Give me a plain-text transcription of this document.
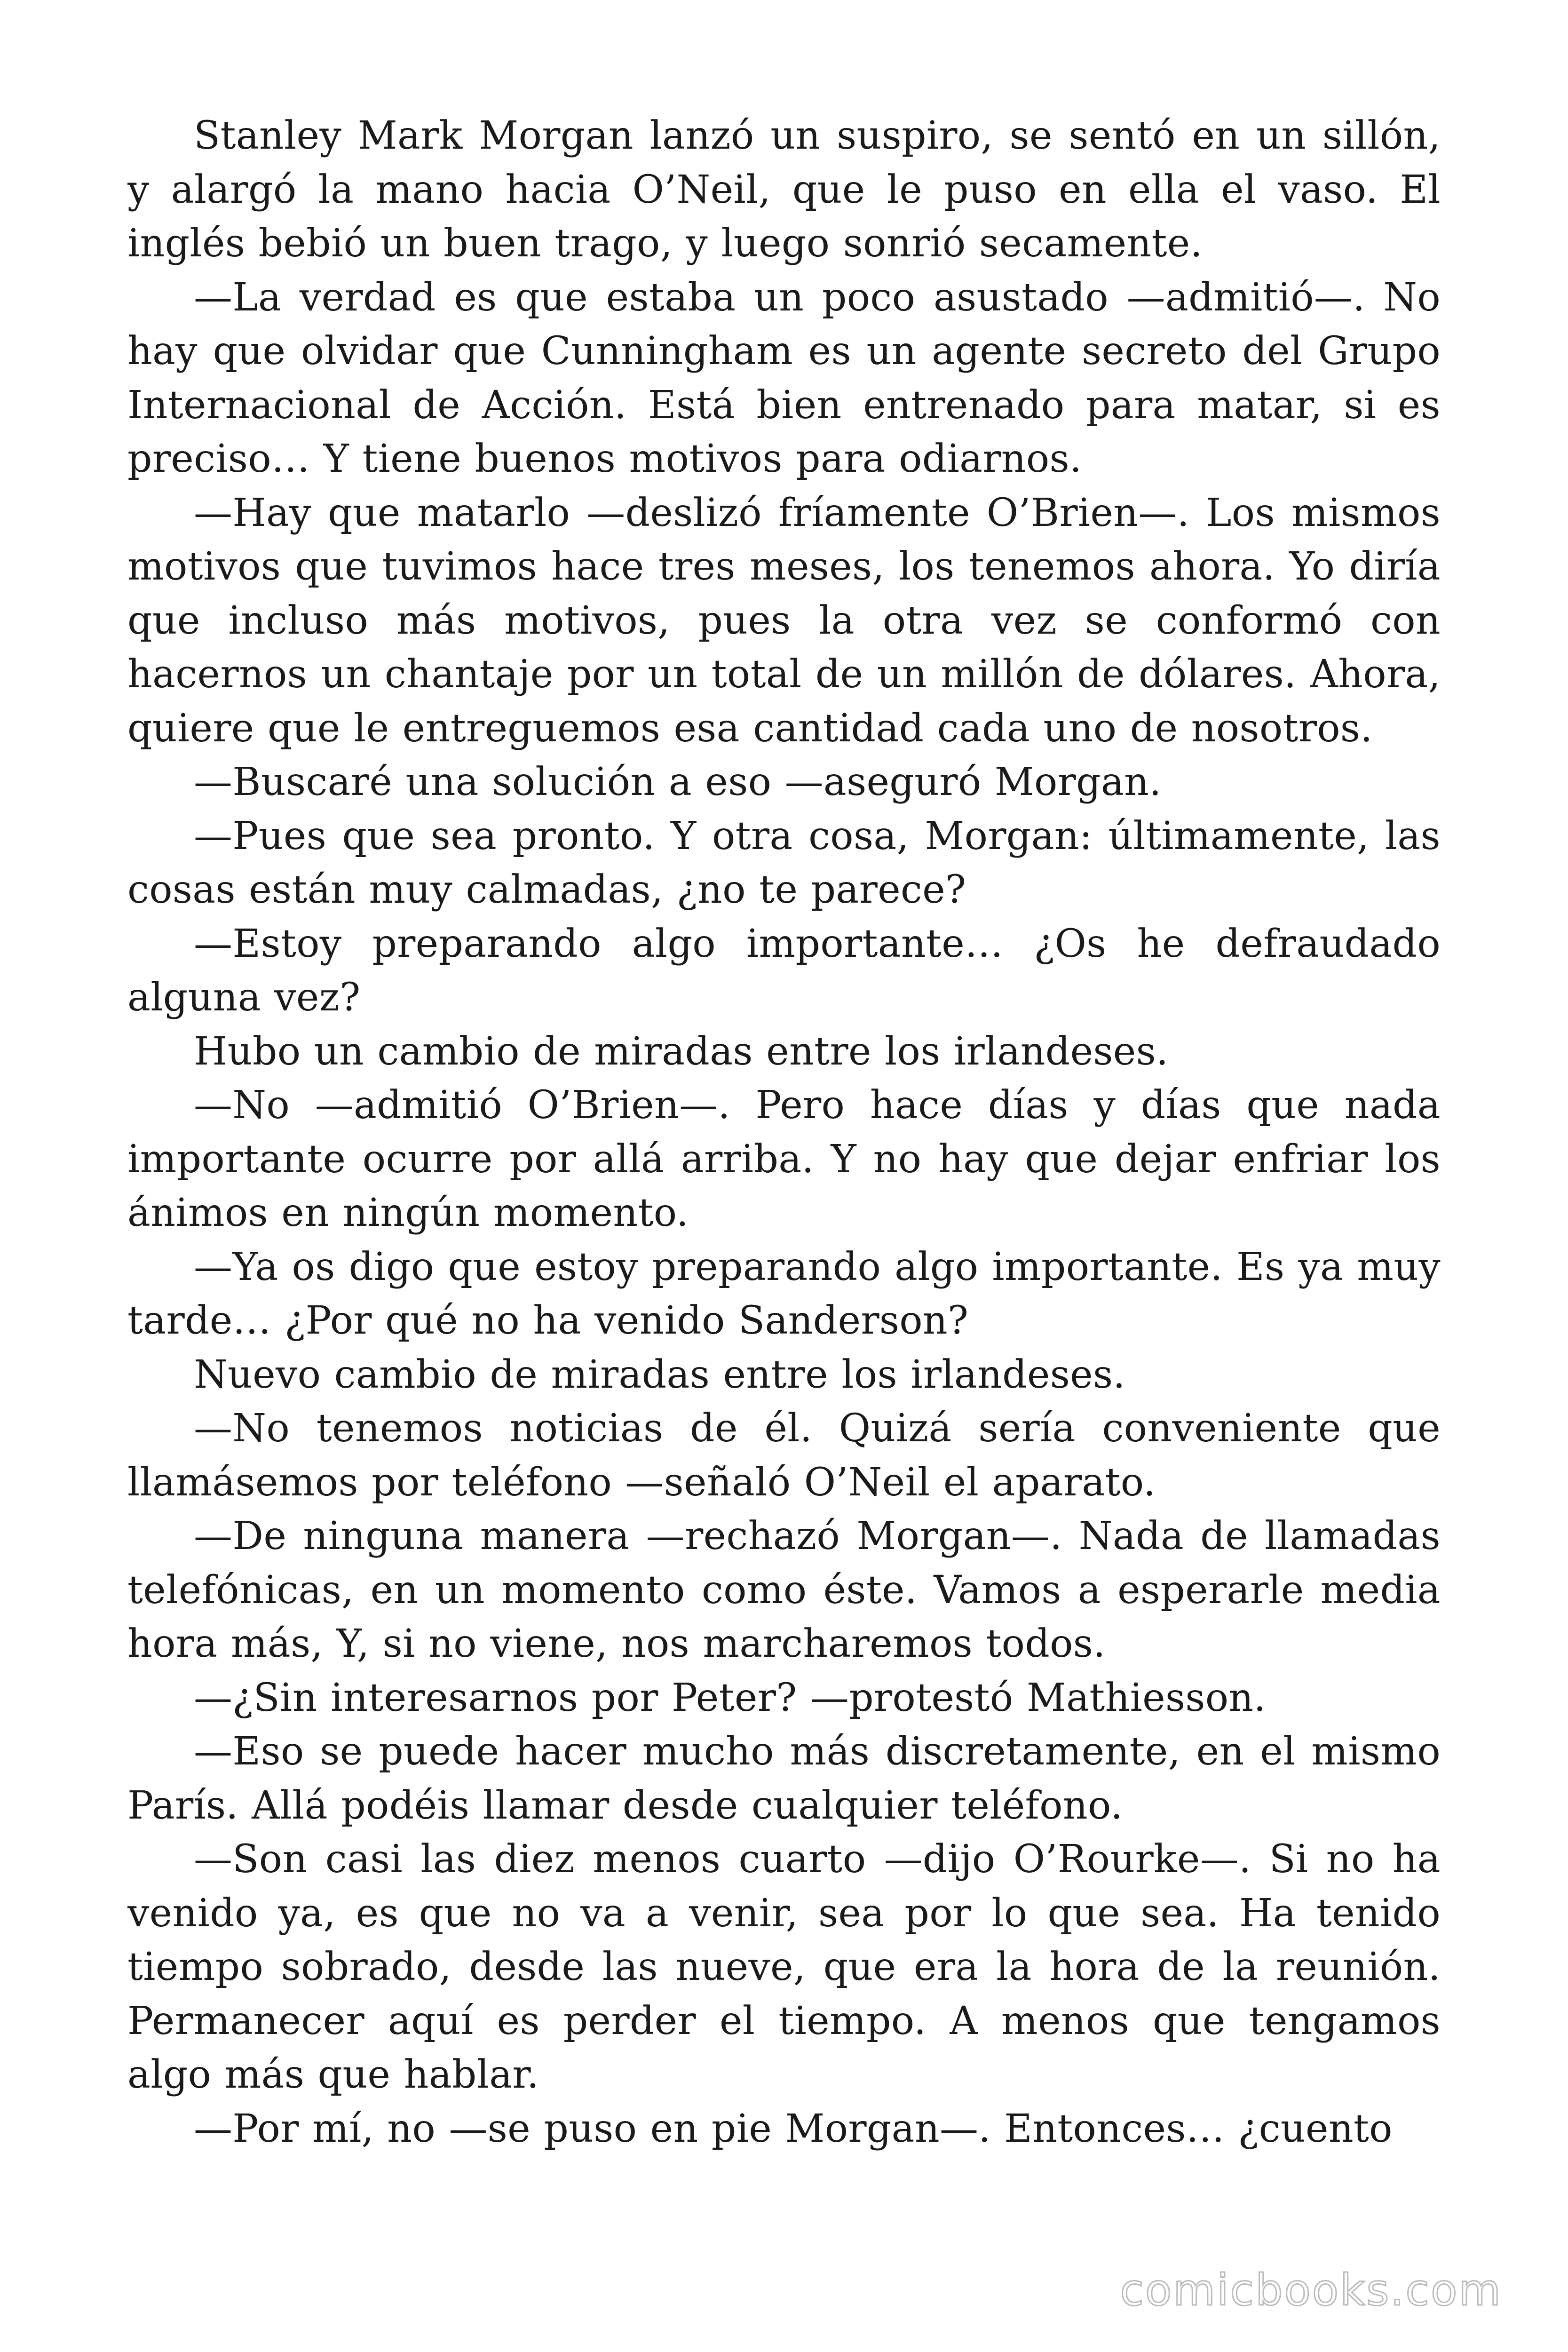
Stanley Mark Morgan lanzó un suspiro, se sentó en un sillón, y alargó la mano hacia O’Neil, que le puso en ella el vaso. El inglés bebió un buen trago, y luego sonrió secamente.

—La verdad es que estaba un poco asustado —admitió—. No hay que olvidar que Cunningham es un agente secreto del Grupo Internacional de Acción. Está bien entrenado para matar, si es preciso… Y tiene buenos motivos para odiarnos.

—Hay que matarlo —deslizó fríamente O’Brien—. Los mismos motivos que tuvimos hace tres meses, los tenemos ahora. Yo diría que incluso más motivos, pues la otra vez se conformó con hacernos un chantaje por un total de un millón de dólares. Ahora, quiere que le entreguemos esa cantidad cada uno de nosotros.

—Buscaré una solución a eso —aseguró Morgan.

—Pues que sea pronto. Y otra cosa, Morgan: últimamente, las cosas están muy calmadas, ¿no te parece?

—Estoy preparando algo importante… ¿Os he defraudado alguna vez?

Hubo un cambio de miradas entre los irlandeses.

—No —admitió O’Brien—. Pero hace días y días que nada importante ocurre por allá arriba. Y no hay que dejar enfriar los ánimos en ningún momento.

—Ya os digo que estoy preparando algo importante. Es ya muy tarde… ¿Por qué no ha venido Sanderson?

Nuevo cambio de miradas entre los irlandeses.

—No tenemos noticias de él. Quizá sería conveniente que llamásemos por teléfono —señaló O’Neil el aparato.

—De ninguna manera —rechazó Morgan—. Nada de llamadas telefónicas, en un momento como éste. Vamos a esperarle media hora más, Y, si no viene, nos marcharemos todos.

—¿Sin interesarnos por Peter? —protestó Mathiesson.

—Eso se puede hacer mucho más discretamente, en el mismo París. Allá podéis llamar desde cualquier teléfono.

—Son casi las diez menos cuarto —dijo O’Rourke—. Si no ha venido ya, es que no va a venir, sea por lo que sea. Ha tenido tiempo sobrado, desde las nueve, que era la hora de la reunión. Permanecer aquí es perder el tiempo. A menos que tengamos algo más que hablar.

—Por mí, no —se puso en pie Morgan—. Entonces… ¿cuento

comicbooks.com
